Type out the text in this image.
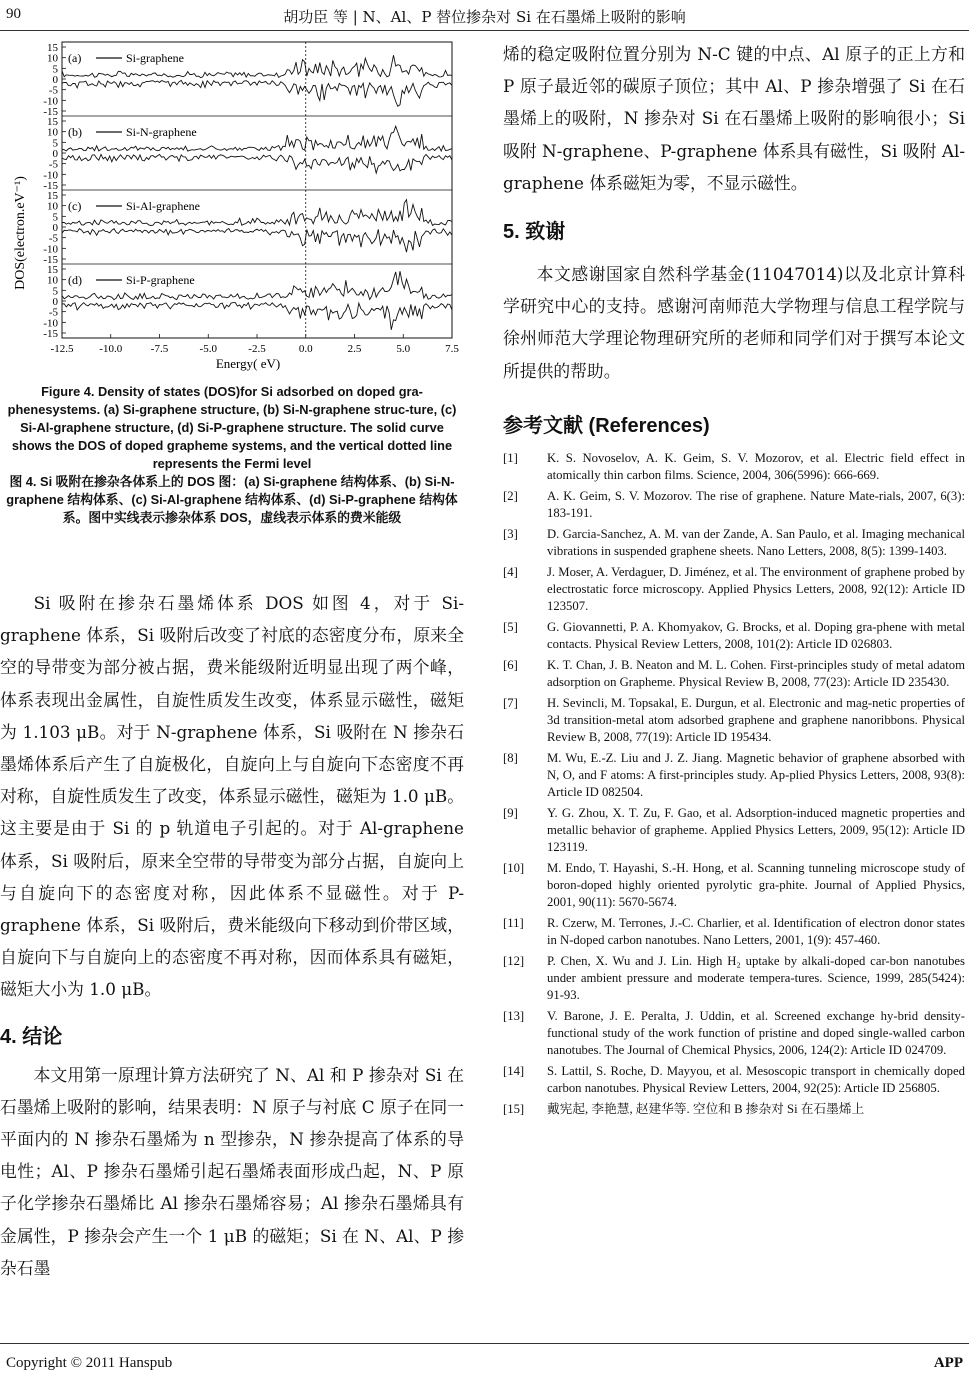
90	胡功臣 等 | N、Al、P 替位掺杂对 Si 在石墨烯上吸附的影响
DOS(electron.eV⁻¹)
15
10
5
0
-5
-10
-15
(a)	Si-graphene
15
10
5
0
-5
-10
-15
(b)	Si-N-graphene
15
10
5
0
-5
-10
-15
(c)	Si-Al-graphene
15
10
5
0
-5
-10
-15
(d)	Si-P-graphene
-12.5 -10.0	-7.5	-5.0	-2.5	0.0	2.5	5.0	7.5
Energy( eV)

Figure 4. Density of states (DOS)for Si adsorbed on doped gra-phenesystems. (a) Si-graphene structure, (b) Si-N-graphene struc-ture, (c) Si-Al-graphene structure, (d) Si-P-graphene structure. The solid curve shows the DOS of doped grapheme systems, and the vertical dotted line represents the Fermi level

图 4. Si 吸附在掺杂各体系上的 DOS 图：(a) Si-graphene 结构体系、(b) Si-N-graphene 结构体系、(c) Si-Al-graphene 结构体系、(d) Si-P-graphene 结构体系。图中实线表示掺杂体系 DOS，虚线表示体系的费米能级

Si 吸附在掺杂石墨烯体系 DOS 如图 4，对于 Si-graphene 体系，Si 吸附后改变了衬底的态密度分布，原来全空的导带变为部分被占据，费米能级附近明显出现了两个峰，体系表现出金属性，自旋性质发生改变，体系显示磁性，磁矩为 1.103 μB。对于 N-graphene 体系，Si 吸附在 N 掺杂石墨烯体系后产生了自旋极化，自旋向上与自旋向下态密度不再对称，自旋性质发生了改变，体系显示磁性，磁矩为 1.0 μB。这主要是由于 Si 的 p 轨道电子引起的。对于 Al-graphene 体系，Si 吸附后，原来全空带的导带变为部分占据，自旋向上与自旋向下的态密度对称，因此体系不显磁性。对于 P-graphene 体系，Si 吸附后，费米能级向下移动到价带区域，自旋向下与自旋向上的态密度不再对称，因而体系具有磁矩，磁矩大小为 1.0 μB。

4. 结论

本文用第一原理计算方法研究了 N、Al 和 P 掺杂对 Si 在石墨烯上吸附的影响，结果表明：N 原子与衬底 C 原子在同一平面内的 N 掺杂石墨烯为 n 型掺杂，N 掺杂提高了体系的导电性；Al、P 掺杂石墨烯引起石墨烯表面形成凸起，N、P 原子化学掺杂石墨烯比 Al 掺杂石墨烯容易；Al 掺杂石墨烯具有金属性，P 掺杂会产生一个 1 μB 的磁矩；Si 在 N、Al、P 掺杂石墨

烯的稳定吸附位置分别为 N-C 键的中点、Al 原子的正上方和 P 原子最近邻的碳原子顶位；其中 Al、P 掺杂增强了 Si 在石墨烯上的吸附，N 掺杂对 Si 在石墨烯上吸附的影响很小；Si 吸附 N-graphene、P-graphene 体系具有磁性，Si 吸附 Al-graphene 体系磁矩为零，不显示磁性。

5. 致谢

本文感谢国家自然科学基金(11047014)以及北京计算科学研究中心的支持。感谢河南师范大学物理与信息工程学院与徐州师范大学理论物理研究所的老师和同学们对于撰写本论文所提供的帮助。

参考文献 (References)
[1] K. S. Novoselov, A. K. Geim, S. V. Mozorov, et al. Electric field effect in atomically thin carbon films. Science, 2004, 306(5996): 666-669.
[2] A. K. Geim, S. V. Mozorov. The rise of graphene. Nature Mate-rials, 2007, 6(3): 183-191.
[3] D. Garcia-Sanchez, A. M. van der Zande, A. San Paulo, et al. Imaging mechanical vibrations in suspended graphene sheets. Nano Letters, 2008, 8(5): 1399-1403.
[4] J. Moser, A. Verdaguer, D. Jiménez, et al. The environment of graphene probed by electrostatic force microscopy. Applied Physics Letters, 2008, 92(12): Article ID 123507.
[5] G. Giovannetti, P. A. Khomyakov, G. Brocks, et al. Doping gra-phene with metal contacts. Physical Review Letters, 2008, 101(2): Article ID 026803.
[6] K. T. Chan, J. B. Neaton and M. L. Cohen. First-principles study of metal adatom adsorption on Grapheme. Physical Review B, 2008, 77(23): Article ID 235430.
[7] H. Sevincli, M. Topsakal, E. Durgun, et al. Electronic and mag-netic properties of 3d transition-metal atom adsorbed graphene and graphene nanoribbons. Physical Review B, 2008, 77(19): Article ID 195434.
[8] M. Wu, E.-Z. Liu and J. Z. Jiang. Magnetic behavior of graphene absorbed with N, O, and F atoms: A first-principles study. Ap-plied Physics Letters, 2008, 93(8): Article ID 082504.
[9] Y. G. Zhou, X. T. Zu, F. Gao, et al. Adsorption-induced magnetic properties and metallic behavior of grapheme. Applied Physics Letters, 2009, 95(12): Article ID 123119.
[10] M. Endo, T. Hayashi, S.-H. Hong, et al. Scanning tunneling microscope study of boron-doped highly oriented pyrolytic gra-phite. Journal of Applied Physics, 2001, 90(11): 5670-5674.
[11] R. Czerw, M. Terrones, J.-C. Charlier, et al. Identification of electron donor states in N-doped carbon nanotubes. Nano Letters, 2001, 1(9): 457-460.
[12] P. Chen, X. Wu and J. Lin. High H₂ uptake by alkali-doped car-bon nanotubes under ambient pressure and moderate tempera-tures. Science, 1999, 285(5424): 91-93.
[13] V. Barone, J. E. Peralta, J. Uddin, et al. Screened exchange hy-brid density-functional study of the work function of pristine and doped single-walled carbon nanotubes. The Journal of Chemical Physics, 2006, 124(2): Article ID 024709.
[14] S. Lattil, S. Roche, D. Mayyou, et al. Mesoscopic transport in chemically doped carbon nanotubes. Physical Review Letters, 2004, 92(25): Article ID 256805.
[15] 戴宪起, 李艳慧, 赵建华等. 空位和 B 掺杂对 Si 在石墨烯上
Copyright © 2011 Hanspub	APP
